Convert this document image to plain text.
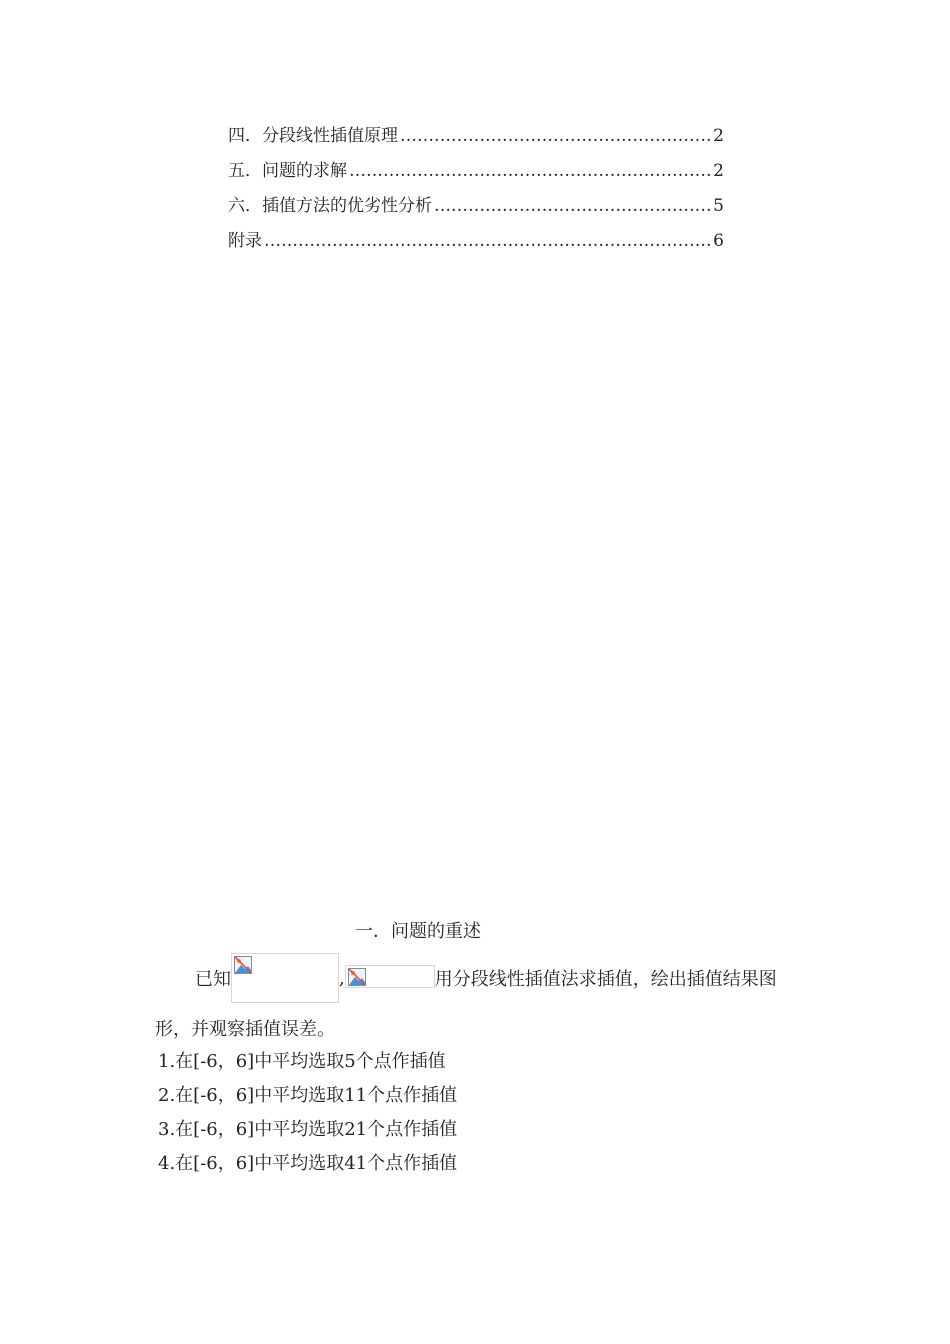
四．分段线性插值原理 …………………………………………………………………………………………………………………………………………	2
五．问题的求解 …………………………………………………………………………………………………………………………………………	2
六．插值方法的优劣性分析 …………………………………………………………………………………………………………………………………………	5
附录 …………………………………………………………………………………………………………………………………………	6
一．问题的重述
已知	,	用分段线性插值法求插值，绘出插值结果图
形，并观察插值误差。
1.在[-6，6]中平均选取5个点作插值
2.在[-6，6]中平均选取11个点作插值
3.在[-6，6]中平均选取21个点作插值
4.在[-6，6]中平均选取41个点作插值
